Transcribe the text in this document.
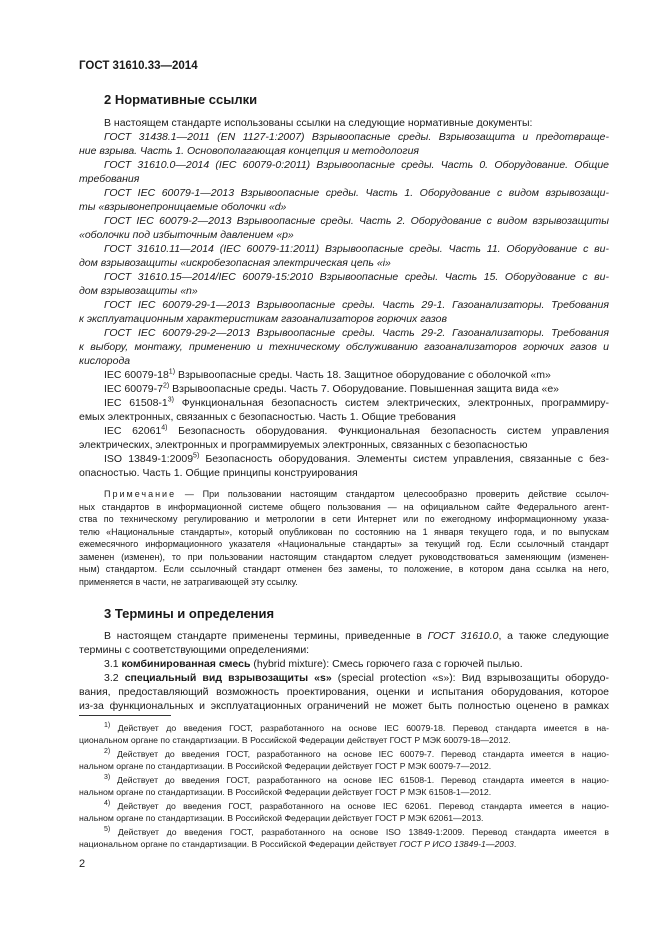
ГОСТ 31610.33—2014
2 Нормативные ссылки
В настоящем стандарте использованы ссылки на следующие нормативные документы:
ГОСТ 31438.1—2011 (EN 1127-1:2007) Взрывоопасные среды. Взрывозащита и предотвраще-
ние взрыва. Часть 1. Основополагающая концепция и методология
ГОСТ 31610.0—2014 (IEC 60079-0:2011) Взрывоопасные среды. Часть 0. Оборудование. Общие
требования
ГОСТ IEC 60079-1—2013 Взрывоопасные среды. Часть 1. Оборудование с видом взрывозащи-
ты «взрывонепроницаемые оболочки «d»
ГОСТ IEC 60079-2—2013 Взрывоопасные среды. Часть 2. Оборудование с видом взрывозащиты
«оболочки под избыточным давлением «p»
ГОСТ 31610.11—2014 (IEC 60079-11:2011) Взрывоопасные среды. Часть 11. Оборудование с ви-
дом взрывозащиты «искробезопасная электрическая цепь «i»
ГОСТ 31610.15—2014/IEC 60079-15:2010 Взрывоопасные среды. Часть 15. Оборудование с ви-
дом взрывозащиты «n»
ГОСТ IEC 60079-29-1—2013 Взрывоопасные среды. Часть 29-1. Газоанализаторы. Требования
к эксплуатационным характеристикам газоанализаторов горючих газов
ГОСТ IEC 60079-29-2—2013 Взрывоопасные среды. Часть 29-2. Газоанализаторы. Требования
к выбору, монтажу, применению и техническому обслуживанию газоанализаторов горючих газов и
кислорода
IEC 60079-18$^{1)}$ Взрывоопасные среды. Часть 18. Защитное оборудование с оболочкой «m»
IEC 60079-7$^{2)}$ Взрывоопасные среды. Часть 7. Оборудование. Повышенная защита вида «e»
IEC 61508-1$^{3)}$ Функциональная безопасность систем электрических, электронных, программиру-
емых электронных, связанных с безопасностью. Часть 1. Общие требования
IEC 62061$^{4)}$ Безопасность оборудования. Функциональная безопасность систем управления
электрических, электронных и программируемых электронных, связанных с безопасностью
ISO 13849-1:2009$^{5)}$ Безопасность оборудования. Элементы систем управления, связанные с без-
опасностью. Часть 1. Общие принципы конструирования
Примечание — При пользовании настоящим стандартом целесообразно проверить действие ссылоч-
ных стандартов в информационной системе общего пользования — на официальном сайте Федерального агент-
ства по техническому регулированию и метрологии в сети Интернет или по ежегодному информационному указа-
телю «Национальные стандарты», который опубликован по состоянию на 1 января текущего года, и по выпускам
ежемесячного информационного указателя «Национальные стандарты» за текущий год. Если ссылочный стандарт
заменен (изменен), то при пользовании настоящим стандартом следует руководствоваться заменяющим (изменен-
ным) стандартом. Если ссылочный стандарт отменен без замены, то положение, в котором дана ссылка на него,
применяется в части, не затрагивающей эту ссылку.
3 Термины и определения
В настоящем стандарте применены термины, приведенные в ГОСТ 31610.0, а также следующие
термины с соответствующими определениями:
3.1 комбинированная смесь (hybrid mixture): Смесь горючего газа с горючей пылью.
3.2 специальный вид взрывозащиты «s» (special protection «s»): Вид взрывозащиты оборудо-
вания, предоставляющий возможность проектирования, оценки и испытания оборудования, которое
из-за функциональных и эксплуатационных ограничений не может быть полностью оценено в рамках
$^{1)}$ Действует до введения ГОСТ, разработанного на основе IEC 60079-18. Перевод стандарта имеется в на-
циональном органе по стандартизации. В Российской Федерации действует ГОСТ Р МЭК 60079-18—2012.
$^{2)}$ Действует до введения ГОСТ, разработанного на основе IEC 60079-7. Перевод стандарта имеется в нацио-
нальном органе по стандартизации. В Российской Федерации действует ГОСТ Р МЭК 60079-7—2012.
$^{3)}$ Действует до введения ГОСТ, разработанного на основе IEC 61508-1. Перевод стандарта имеется в нацио-
нальном органе по стандартизации. В Российской Федерации действует ГОСТ Р МЭК 61508-1—2012.
$^{4)}$ Действует до введения ГОСТ, разработанного на основе IEC 62061. Перевод стандарта имеется в нацио-
нальном органе по стандартизации. В Российской Федерации действует ГОСТ Р МЭК 62061—2013.
$^{5)}$ Действует до введения ГОСТ, разработанного на основе ISO 13849-1:2009. Перевод стандарта имеется в
национальном органе по стандартизации. В Российской Федерации действует ГОСТ Р ИСО 13849-1—2003.
2
